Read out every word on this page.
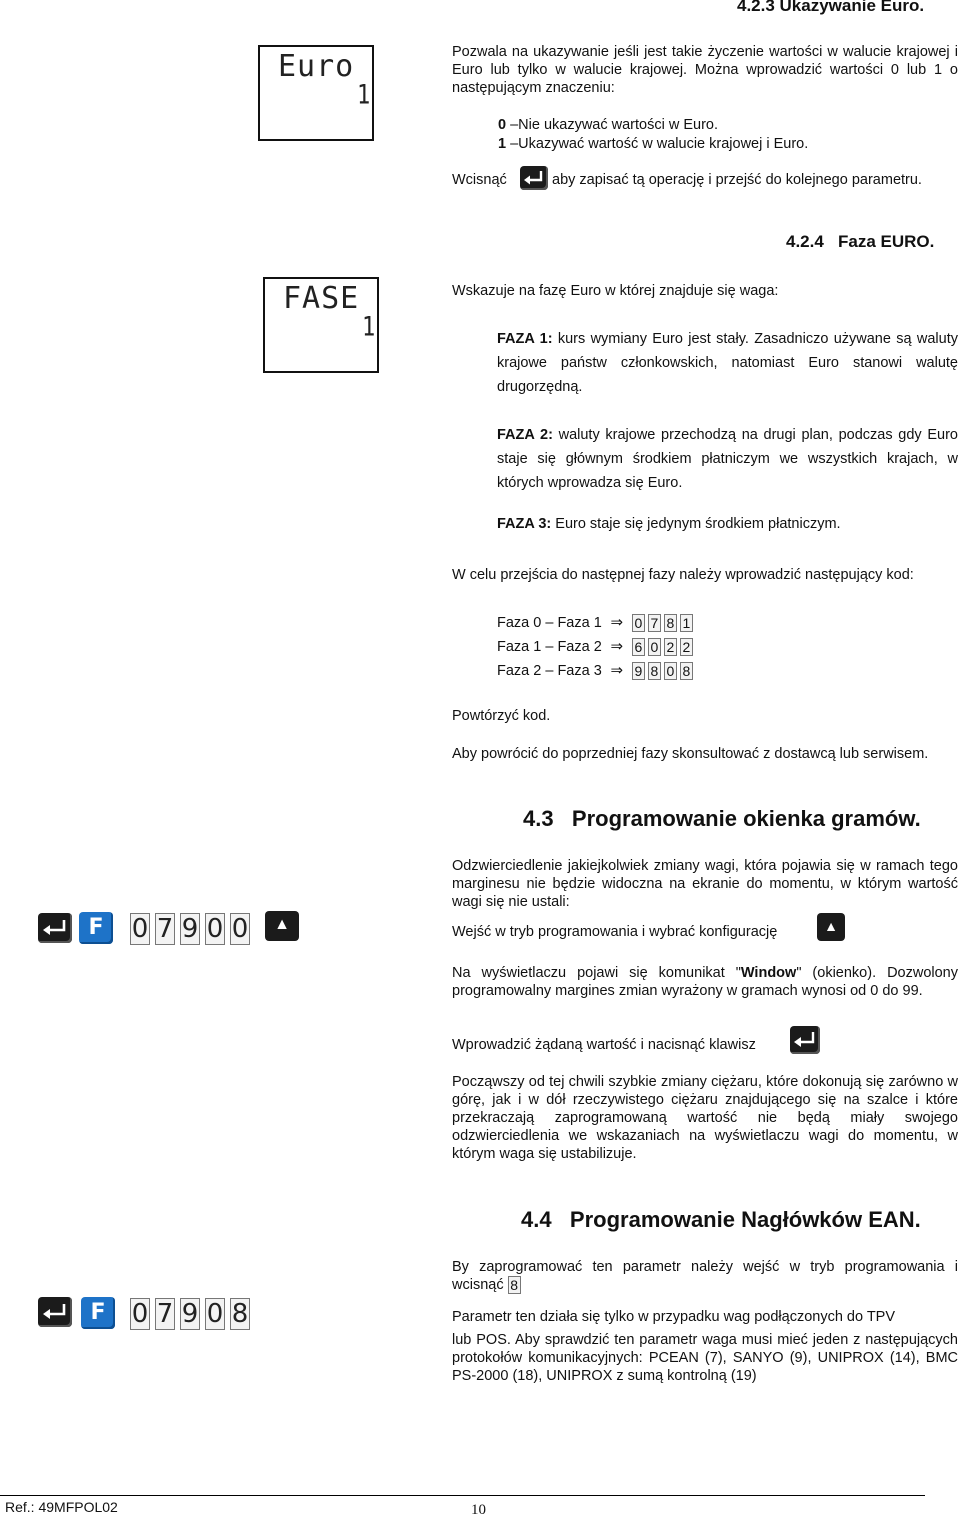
4.2.3 Ukazywanie Euro.
Euro
1
Pozwala na ukazywanie jeśli jest takie życzenie wartości w walucie krajowej i Euro lub tylko w walucie krajowej. Można wprowadzić wartości 0 lub 1 o następującym znaczeniu:
0 –Nie ukazywać wartości w Euro.
1 –Ukazywać wartość w walucie krajowej i Euro.
Wcisnąć	aby zapisać tą operację i przejść do kolejnego parametru.
4.2.4   Faza EURO.
FASE
1
Wskazuje na fazę Euro w której znajduje się waga:
FAZA 1: kurs wymiany Euro jest stały. Zasadniczo używane są waluty krajowe państw członkowskich, natomiast Euro stanowi walutę drugorzędną.
FAZA 2: waluty krajowe przechodzą na drugi plan, podczas gdy Euro staje się głównym środkiem płatniczym we wszystkich krajach, w których wprowadza się Euro.
FAZA 3: Euro staje się jedynym środkiem płatniczym.
W celu przejścia do następnej fazy należy wprowadzić następujący kod:
Faza 0 – Faza 1 ⇒ 0 7 8 1
Faza 1 – Faza 2 ⇒ 6 0 2 2
Faza 2 – Faza 3 ⇒ 9 8 0 8
Powtórzyć kod.
Aby powrócić do poprzedniej fazy skonsultować z dostawcą lub serwisem.
4.3   Programowanie okienka gramów.
F	0 7 9 0 0	▲
Odzwierciedlenie jakiejkolwiek zmiany wagi, która pojawia się w ramach tego marginesu nie będzie widoczna na ekranie do momentu, w którym wartość wagi się nie ustali:
Wejść w tryb programowania i wybrać konfigurację	▲
Na wyświetlaczu pojawi się komunikat "Window" (okienko). Dozwolony programowalny margines zmian wyrażony w gramach wynosi od 0 do 99.
Wprowadzić żądaną wartość i nacisnąć klawisz
Począwszy od tej chwili szybkie zmiany ciężaru, które dokonują się zarówno w górę, jak i w dół rzeczywistego ciężaru znajdującego się na szalce i które przekraczają zaprogramowaną wartość nie będą miały swojego odzwierciedlenia we wskazaniach na wyświetlaczu wagi do momentu, w którym waga się ustabilizuje.
4.4   Programowanie Nagłówków EAN.
F	0 7 9 0 8
By zaprogramować ten parametr należy wejść w tryb programowania i wcisnąć 8
Parametr ten działa się tylko w przypadku wag podłączonych do TPV
lub POS. Aby sprawdzić ten parametr waga musi mieć jeden z następujących protokołów komunikacyjnych: PCEAN (7), SANYO (9), UNIPROX (14), BMC PS-2000 (18), UNIPROX z sumą kontrolną (19)
Ref.: 49MFPOL02	10
